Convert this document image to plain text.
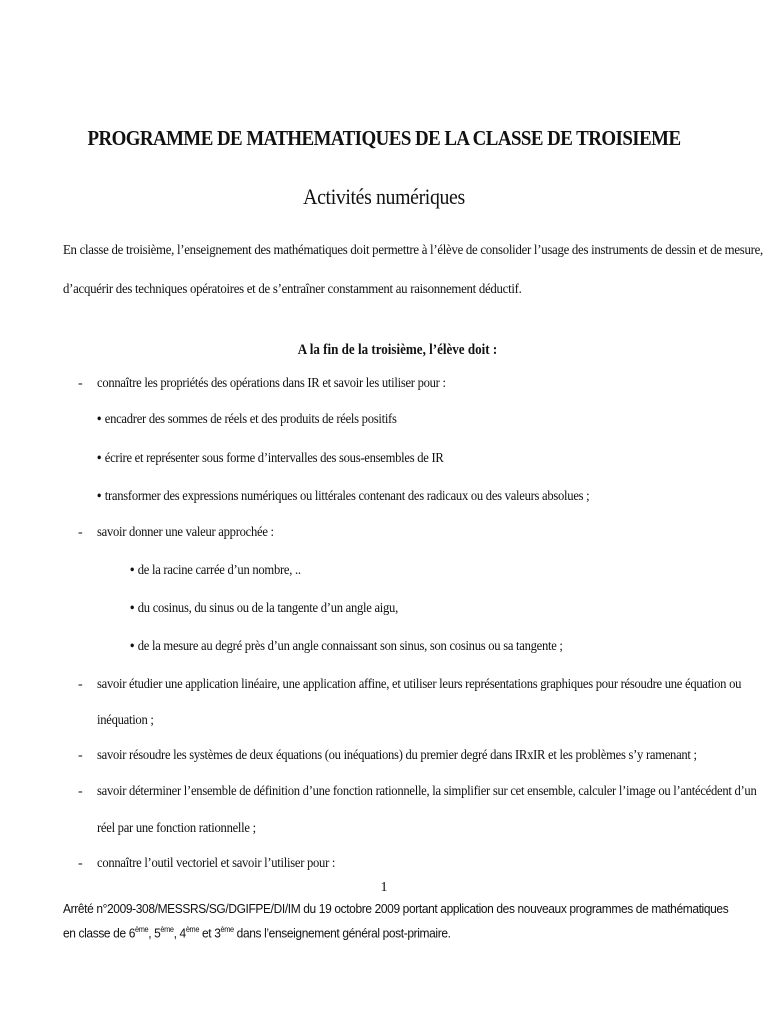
PROGRAMME DE MATHEMATIQUES DE LA CLASSE DE TROISIEME
Activités numériques
En classe de troisième, l’enseignement des mathématiques doit permettre à l’élève de consolider l’usage des instruments de dessin et de mesure,
d’acquérir des techniques opératoires et de s’entraîner constamment au raisonnement déductif.
A la fin de la troisième, l’élève doit :
- connaître les propriétés des opérations dans IR et savoir les utiliser pour :
• encadrer des sommes de réels et des produits de réels positifs
• écrire et représenter sous forme d’intervalles des sous-ensembles de IR
• transformer des expressions numériques ou littérales contenant des radicaux ou des valeurs absolues ;
- savoir donner une valeur approchée :
• de la racine carrée d’un nombre, ..
• du cosinus, du sinus ou de la tangente d’un angle aigu,
• de la mesure au degré près d’un angle connaissant son sinus, son cosinus ou sa tangente ;
- savoir étudier une application linéaire, une application affine, et utiliser leurs représentations graphiques pour résoudre une équation ou
inéquation ;
- savoir résoudre les systèmes de deux équations (ou inéquations) du premier degré dans IRxIR et les problèmes s’y ramenant ;
- savoir déterminer l’ensemble de définition d’une fonction rationnelle, la simplifier sur cet ensemble, calculer l’image ou l’antécédent d’un
réel par une fonction rationnelle ;
- connaître l’outil vectoriel et savoir l’utiliser pour :
1
Arrêté n°2009-308/MESSRS/SG/DGIFPE/DI/IM du 19 octobre 2009 portant application des nouveaux programmes de mathématiques
en classe de 6ème, 5ème, 4ème et 3ème dans l’enseignement général post-primaire.
